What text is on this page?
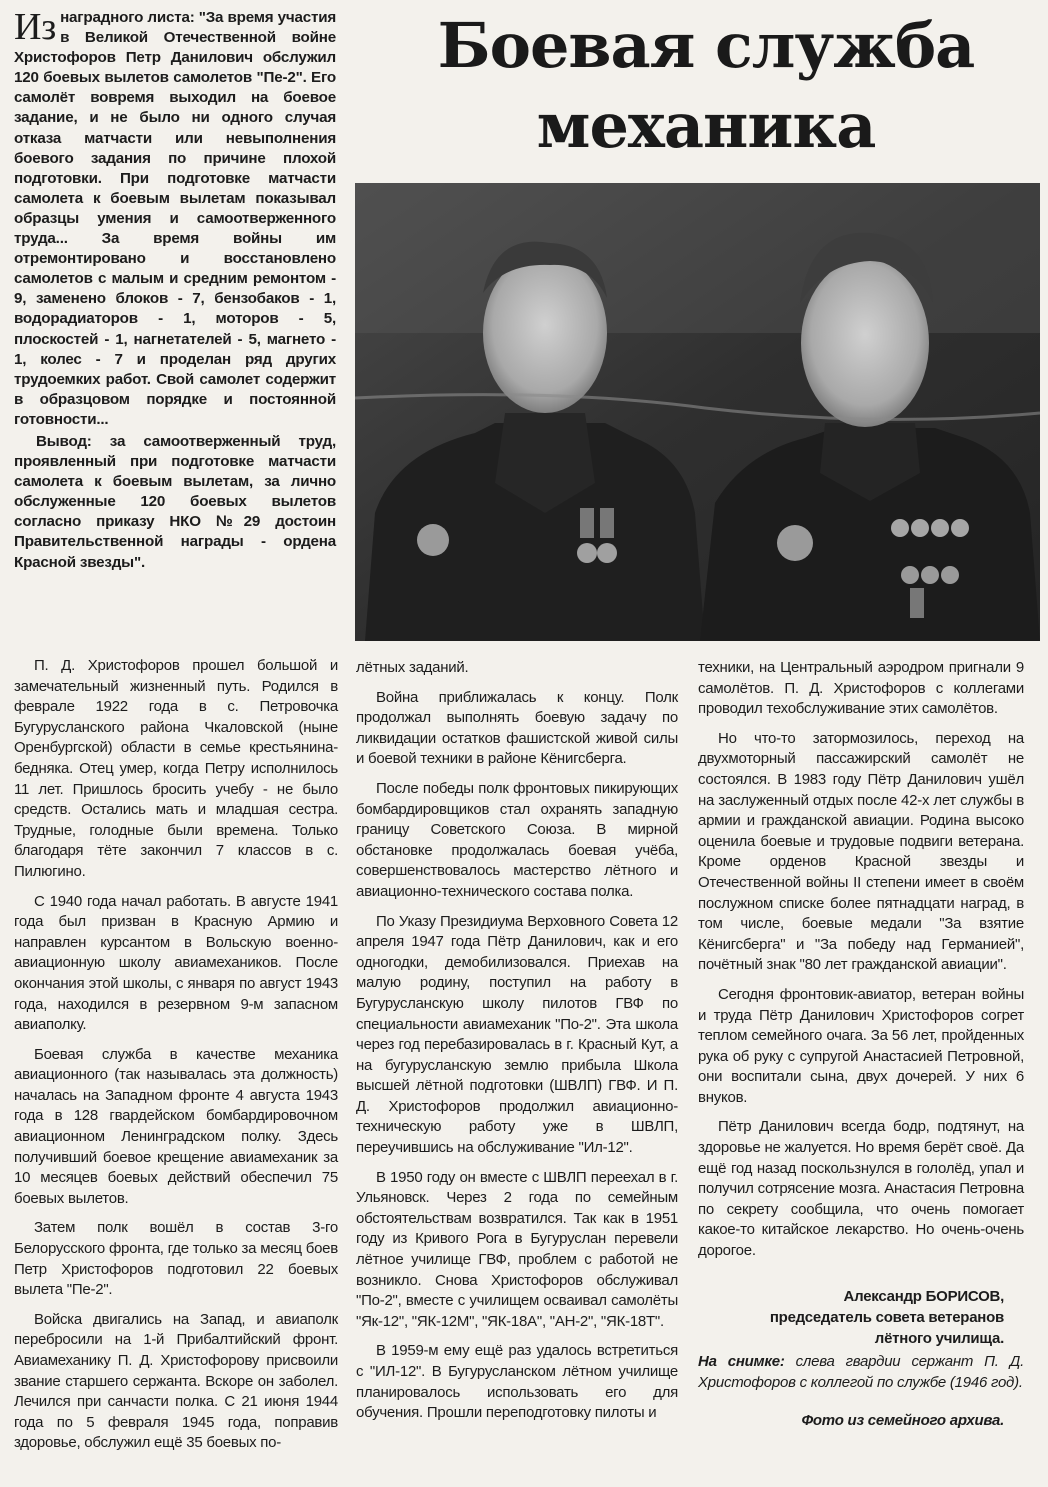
Из наградного листа: "За время участия в Великой Отечественной войне Христофоров Петр Данилович обслужил 120 боевых вылетов самолетов "Пе-2". Его самолёт вовремя выходил на боевое задание, и не было ни одного случая отказа матчасти или невыполнения боевого задания по причине плохой подготовки. При подготовке матчасти самолета к боевым вылетам показывал образцы умения и самоотверженного труда... За время войны им отремонтировано и восстановлено самолетов с малым и средним ремонтом - 9, заменено блоков - 7, бензобаков - 1, водорадиаторов - 1, моторов - 5, плоскостей - 1, нагнетателей - 5, магнето - 1, колес - 7 и проделан ряд других трудоемких работ. Свой самолет содержит в образцовом порядке и постоянной готовности...

Вывод: за самоотверженный труд, проявленный при подготовке матчасти самолета к боевым вылетам, за лично обслуженные 120 боевых вылетов согласно приказу НКО №29 достоин Правительственной награды - ордена Красной звезды".

Боевая служба
механика

П. Д. Христофоров прошел большой и замечательный жизненный путь. Родился в феврале 1922 года в с. Петровочка Бугурусланского района Чкаловской (ныне Оренбургской) области в семье крестьянина-бедняка. Отец умер, когда Петру исполнилось 11 лет. Пришлось бросить учебу - не было средств. Остались мать и младшая сестра. Трудные, голодные были времена. Только благодаря тёте закончил 7 классов в с. Пилюгино.

С 1940 года начал работать. В августе 1941 года был призван в Красную Армию и направлен курсантом в Вольскую военно-авиационную школу авиамехаников. После окончания этой школы, с января по август 1943 года, находился в резервном 9-м запасном авиаполку.

Боевая служба в качестве механика авиационного (так называлась эта должность) началась на Западном фронте 4 августа 1943 года в 128 гвардейском бомбардировочном авиационном Ленинградском полку. Здесь получивший боевое крещение авиамеханик за 10 месяцев боевых действий обеспечил 75 боевых вылетов.

Затем полк вошёл в состав 3-го Белорусского фронта, где только за месяц боев Петр Христофоров подготовил 22 боевых вылета "Пе-2".

Войска двигались на Запад, и авиаполк перебросили на 1-й Прибалтийский фронт. Авиамеханику П. Д. Христофорову присвоили звание старшего сержанта. Вскоре он заболел. Лечился при санчасти полка. С 21 июня 1944 года по 5 февраля 1945 года, поправив здоровье, обслужил ещё 35 боевых по-

лётных заданий.

Война приближалась к концу. Полк продолжал выполнять боевую задачу по ликвидации остатков фашистской живой силы и боевой техники в районе Кёнигсберга.

После победы полк фронтовых пикирующих бомбардировщиков стал охранять западную границу Советского Союза. В мирной обстановке продолжалась боевая учёба, совершенствовалось мастерство лётного и авиационно-технического состава полка.

По Указу Президиума Верховного Совета 12 апреля 1947 года Пётр Данилович, как и его одногодки, демобилизовался. Приехав на малую родину, поступил на работу в Бугурусланскую школу пилотов ГВФ по специальности авиамеханик "По-2". Эта школа через год перебазировалась в г. Красный Кут, а на бугурусланскую землю прибыла Школа высшей лётной подготовки (ШВЛП) ГВФ. И П. Д. Христофоров продолжил авиационно-техническую работу уже в ШВЛП, переучившись на обслуживание "Ил-12".

В 1950 году он вместе с ШВЛП переехал в г. Ульяновск. Через 2 года по семейным обстоятельствам возвратился. Так как в 1951 году из Кривого Рога в Бугуруслан перевели лётное училище ГВФ, проблем с работой не возникло. Снова Христофоров обслуживал "По-2", вместе с училищем осваивал самолёты "Як-12", "ЯК-12М", "ЯК-18А", "АН-2", "ЯК-18Т".

В 1959-м ему ещё раз удалось встретиться с "ИЛ-12". В Бугурусланском лётном училище планировалось использовать его для обучения. Прошли переподготовку пилоты и

техники, на Центральный аэродром пригнали 9 самолётов. П. Д. Христофоров с коллегами проводил техобслуживание этих самолётов.

Но что-то затормозилось, переход на двухмоторный пассажирский самолёт не состоялся. В 1983 году Пётр Данилович ушёл на заслуженный отдых после 42-х лет службы в армии и гражданской авиации. Родина высоко оценила боевые и трудовые подвиги ветерана. Кроме орденов Красной звезды и Отечественной войны II степени имеет в своём послужном списке более пятнадцати наград, в том числе, боевые медали "За взятие Кёнигсберга" и "За победу над Германией", почётный знак "80 лет гражданской авиации".

Сегодня фронтовик-авиатор, ветеран войны и труда Пётр Данилович Христофоров согрет теплом семейного очага. За 56 лет, пройденных рука об руку с супругой Анастасией Петровной, они воспитали сына, двух дочерей. У них 6 внуков.

Пётр Данилович всегда бодр, подтянут, на здоровье не жалуется. Но время берёт своё. Да ещё год назад поскользнулся в гололёд, упал и получил сотрясение мозга. Анастасия Петровна по секрету сообщила, что очень помогает какое-то китайское лекарство. Но очень-очень дорогое.

Александр БОРИСОВ,
председатель совета ветеранов
лётного училища.
На снимке: слева гвардии сержант П. Д. Христофоров с коллегой по службе (1946 год).
Фото из семейного архива.
